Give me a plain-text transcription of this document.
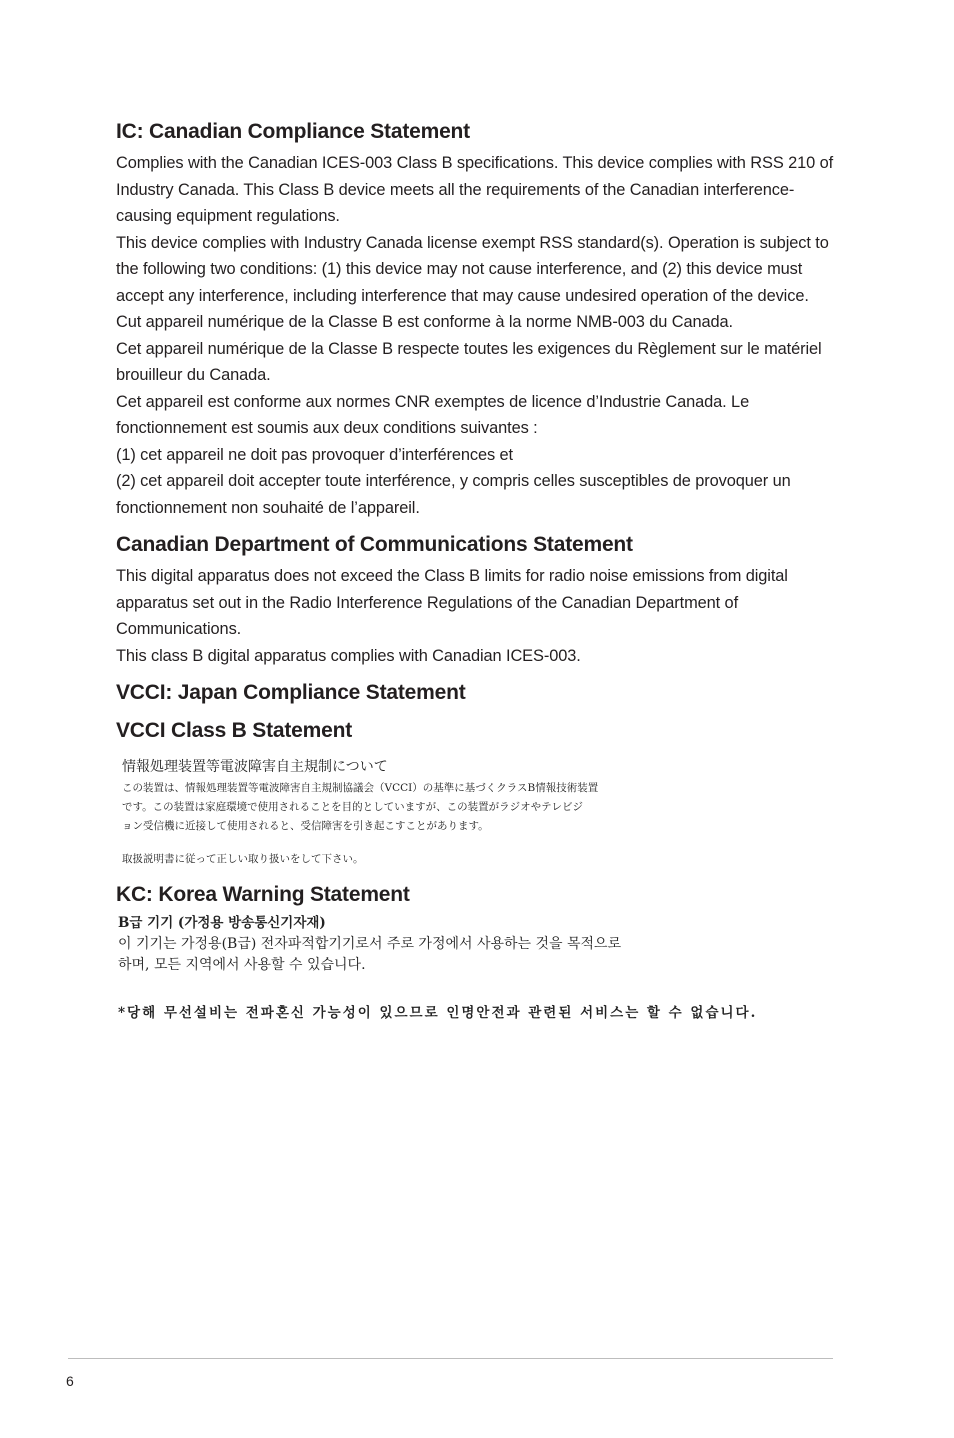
IC: Canadian Compliance Statement

Complies with the Canadian ICES-003 Class B specifications. This device complies with RSS 210 of Industry Canada. This Class B device meets all the requirements of the Canadian interference-causing equipment regulations.

This device complies with Industry Canada license exempt RSS standard(s). Operation is subject to the following two conditions: (1) this device may not cause interference, and (2) this device must accept any interference, including interference that may cause undesired operation of the device.

Cut appareil numérique de la Classe B est conforme à la norme NMB-003 du Canada.

Cet appareil numérique de la Classe B respecte toutes les exigences du Règlement sur le matériel brouilleur du Canada.

Cet appareil est conforme aux normes CNR exemptes de licence d’Industrie Canada. Le fonctionnement est soumis aux deux conditions suivantes :

(1) cet appareil ne doit pas provoquer d’interférences et

(2) cet appareil doit accepter toute interférence, y compris celles susceptibles de provoquer un fonctionnement non souhaité de l’appareil.

Canadian Department of Communications Statement

This digital apparatus does not exceed the Class B limits for radio noise emissions from digital apparatus set out in the Radio Interference Regulations of the Canadian Department of Communications.

This class B digital apparatus complies with Canadian ICES-003.

VCCI: Japan Compliance Statement
VCCI Class B Statement
情報処理装置等電波障害自主規制について
この装置は、情報処理装置等電波障害自主規制協議会（VCCI）の基準に基づくクラスB情報技術装置
です。この装置は家庭環境で使用されることを目的としていますが、この装置がラジオやテレビジ
ョン受信機に近接して使用されると、受信障害を引き起こすことがあります。
取扱説明書に従って正しい取り扱いをして下さい。
KC: Korea Warning Statement
B급 기기 (가정용 방송통신기자재)
이 기기는 가정용(B급) 전자파적합기기로서 주로 가정에서 사용하는 것을 목적으로
하며, 모든 지역에서 사용할 수 있습니다.
*당해 무선설비는 전파혼신 가능성이 있으므로 인명안전과 관련된 서비스는 할 수 없습니다.
6
